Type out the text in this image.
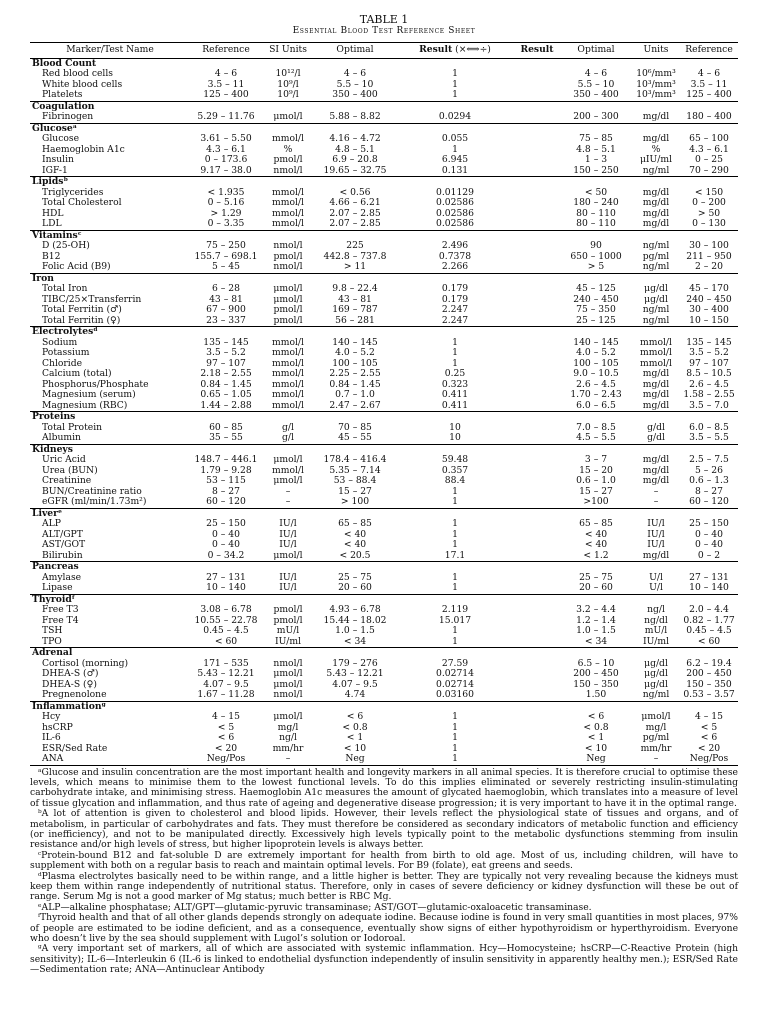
TABLE 1
Essential Blood Test Reference Sheet
Marker/Test Name	Reference	SI Units	Optimal	Result (×⟺÷)	Result	Optimal	Units	Reference
Blood Count								
Red blood cells	4 – 6	10¹²/l	4 – 6	1		4 – 6	10⁶/mm³	4 – 6
White blood cells	3.5 – 11	10⁹/l	5.5 – 10	1		5.5 – 10	10³/mm³	3.5 – 11
Platelets	125 – 400	10⁹/l	350 – 400	1		350 – 400	10³/mm³	125 – 400
Coagulation								
Fibrinogen	5.29 – 11.76	μmol/l	5.88 – 8.82	0.0294		200 – 300	mg/dl	180 – 400
Glucoseᵃ								
Glucose	3.61 – 5.50	mmol/l	4.16 – 4.72	0.055		75 – 85	mg/dl	65 – 100
Haemoglobin A1c	4.3 – 6.1	%	4.8 – 5.1	1		4.8 – 5.1	%	4.3 – 6.1
Insulin	0 – 173.6	pmol/l	6.9 – 20.8	6.945		1 – 3	μIU/ml	0 – 25
IGF-1	9.17 – 38.0	nmol/l	19.65 – 32.75	0.131		150 – 250	ng/ml	70 – 290
Lipidsᵇ								
Triglycerides	< 1.935	mmol/l	< 0.56	0.01129		< 50	mg/dl	< 150
Total Cholesterol	0 – 5.16	mmol/l	4.66 – 6.21	0.02586		180 – 240	mg/dl	0 – 200
HDL	> 1.29	mmol/l	2.07 – 2.85	0.02586		80 – 110	mg/dl	> 50
LDL	0 – 3.35	mmol/l	2.07 – 2.85	0.02586		80 – 110	mg/dl	0 – 130
Vitaminsᶜ								
D (25-OH)	75 – 250	nmol/l	225	2.496		90	ng/ml	30 – 100
B12	155.7 – 698.1	pmol/l	442.8 – 737.8	0.7378		650 – 1000	pg/ml	211 – 950
Folic Acid (B9)	5 – 45	nmol/l	> 11	2.266		> 5	ng/ml	2 – 20
Iron								
Total Iron	6 – 28	μmol/l	9.8 – 22.4	0.179		45 – 125	μg/dl	45 – 170
TIBC/25×Transferrin	43 – 81	μmol/l	43 – 81	0.179		240 – 450	μg/dl	240 – 450
Total Ferritin (♂)	67 – 900	pmol/l	169 – 787	2.247		75 – 350	ng/ml	30 – 400
Total Ferritin (♀)	23 – 337	pmol/l	56 – 281	2.247		25 – 125	ng/ml	10 – 150
Electrolytesᵈ								
Sodium	135 – 145	mmol/l	140 – 145	1		140 – 145	mmol/l	135 – 145
Potassium	3.5 – 5.2	mmol/l	4.0 – 5.2	1		4.0 – 5.2	mmol/l	3.5 – 5.2
Chloride	97 – 107	mmol/l	100 – 105	1		100 – 105	mmol/l	97 – 107
Calcium (total)	2.18 – 2.55	mmol/l	2.25 – 2.55	0.25		9.0 – 10.5	mg/dl	8.5 – 10.5
Phosphorus/Phosphate	0.84 – 1.45	mmol/l	0.84 – 1.45	0.323		2.6 – 4.5	mg/dl	2.6 – 4.5
Magnesium (serum)	0.65 – 1.05	mmol/l	0.7 – 1.0	0.411		1.70 – 2.43	mg/dl	1.58 – 2.55
Magnesium (RBC)	1.44 – 2.88	mmol/l	2.47 – 2.67	0.411		6.0 – 6.5	mg/dl	3.5 – 7.0
Proteins								
Total Protein	60 – 85	g/l	70 – 85	10		7.0 – 8.5	g/dl	6.0 – 8.5
Albumin	35 – 55	g/l	45 – 55	10		4.5 – 5.5	g/dl	3.5 – 5.5
Kidneys								
Uric Acid	148.7 – 446.1	μmol/l	178.4 – 416.4	59.48		3 – 7	mg/dl	2.5 – 7.5
Urea (BUN)	1.79 – 9.28	mmol/l	5.35 – 7.14	0.357		15 – 20	mg/dl	5 – 26
Creatinine	53 – 115	μmol/l	53 – 88.4	88.4		0.6 – 1.0	mg/dl	0.6 – 1.3
BUN/Creatinine ratio	8 – 27	–	15 – 27	1		15 – 27	–	8 – 27
eGFR (ml/min/1.73m²)	60 – 120	–	> 100	1		>100	–	60 – 120
Liverᵉ								
ALP	25 – 150	IU/l	65 – 85	1		65 – 85	IU/l	25 – 150
ALT/GPT	0 – 40	IU/l	< 40	1		< 40	IU/l	0 – 40
AST/GOT	0 – 40	IU/l	< 40	1		< 40	IU/l	0 – 40
Bilirubin	0 – 34.2	μmol/l	< 20.5	17.1		< 1.2	mg/dl	0 – 2
Pancreas								
Amylase	27 – 131	IU/l	25 – 75	1		25 – 75	U/l	27 – 131
Lipase	10 – 140	IU/l	20 – 60	1		20 – 60	U/l	10 – 140
Thyroidᶠ								
Free T3	3.08 – 6.78	pmol/l	4.93 – 6.78	2.119		3.2 – 4.4	ng/l	2.0 – 4.4
Free T4	10.55 – 22.78	pmol/l	15.44 – 18.02	15.017		1.2 – 1.4	ng/dl	0.82 – 1.77
TSH	0.45 – 4.5	mU/l	1.0 – 1.5	1		1.0 – 1.5	mU/l	0.45 – 4.5
TPO	< 60	IU/ml	< 34	1		< 34	IU/ml	< 60
Adrenal								
Cortisol (morning)	171 – 535	nmol/l	179 – 276	27.59		6.5 – 10	μg/dl	6.2 – 19.4
DHEA-S (♂)	5.43 – 12.21	μmol/l	5.43 – 12.21	0.02714		200 – 450	μg/dl	200 – 450
DHEA-S (♀)	4.07 – 9.5	μmol/l	4.07 – 9.5	0.02714		150 – 350	μg/dl	150 – 350
Pregnenolone	1.67 – 11.28	nmol/l	4.74	0.03160		1.50	ng/ml	0.53 – 3.57
Inflammationᵍ								
Hcy	4 – 15	μmol/l	< 6	1		< 6	μmol/l	4 – 15
hsCRP	< 5	mg/l	< 0.8	1		< 0.8	mg/l	< 5
IL-6	< 6	ng/l	< 1	1		< 1	pg/ml	< 6
ESR/Sed Rate	< 20	mm/hr	< 10	1		< 10	mm/hr	< 20
ANA	Neg/Pos	–	Neg	1		Neg	–	Neg/Pos

ᵃGlucose and insulin concentration are the most important health and longevity markers in all animal species. It is therefore crucial to optimise these levels, which means to minimise them to the lowest functional levels. To do this implies eliminated or severely restricting insulin-stimulating carbohydrate intake, and minimising stress. Haemoglobin A1c measures the amount of glycated haemoglobin, which translates into a measure of level of tissue glycation and inflammation, and thus rate of ageing and degenerative disease progression; it is very important to have it in the optimal range.

ᵇA lot of attention is given to cholesterol and blood lipids. However, their levels reflect the physiological state of tissues and organs, and of metabolism, in particular of carbohydrates and fats. They must therefore be considered as secondary indicators of metabolic function and efficiency (or inefficiency), and not to be manipulated directly. Excessively high levels typically point to the metabolic dysfunctions stemming from insulin resistance and/or high levels of stress, but higher lipoprotein levels is always better.

ᶜProtein-bound B12 and fat-soluble D are extremely important for health from birth to old age. Most of us, including children, will have to supplement with both on a regular basis to reach and maintain optimal levels. For B9 (folate), eat greens and seeds.

ᵈPlasma electrolytes basically need to be within range, and a little higher is better. They are typically not very revealing because the kidneys must keep them within range independently of nutritional status. Therefore, only in cases of severe deficiency or kidney dysfunction will these be out of range. Serum Mg is not a good marker of Mg status; much better is RBC Mg.

ᵉALP—alkaline phosphatase; ALT/GPT—glutamic-pyruvic transaminase; AST/GOT—glutamic-oxaloacetic transaminase.

ᶠThyroid health and that of all other glands depends strongly on adequate iodine. Because iodine is found in very small quantities in most places, 97% of people are estimated to be iodine deficient, and as a consequence, eventually show signs of either hypothyroidism or hyperthyroidism. Everyone who doesn’t live by the sea should supplement with Lugol’s solution or Iodoroal.

ᵍA very important set of markers, all of which are associated with systemic inflammation. Hcy—Homocysteine; hsCRP—C-Reactive Protein (high sensitivity); IL-6—Interleukin 6 (IL-6 is linked to endothelial dysfunction independently of insulin sensitivity in apparently healthy men.); ESR/Sed Rate—Sedimentation rate; ANA—Antinuclear Antibody
